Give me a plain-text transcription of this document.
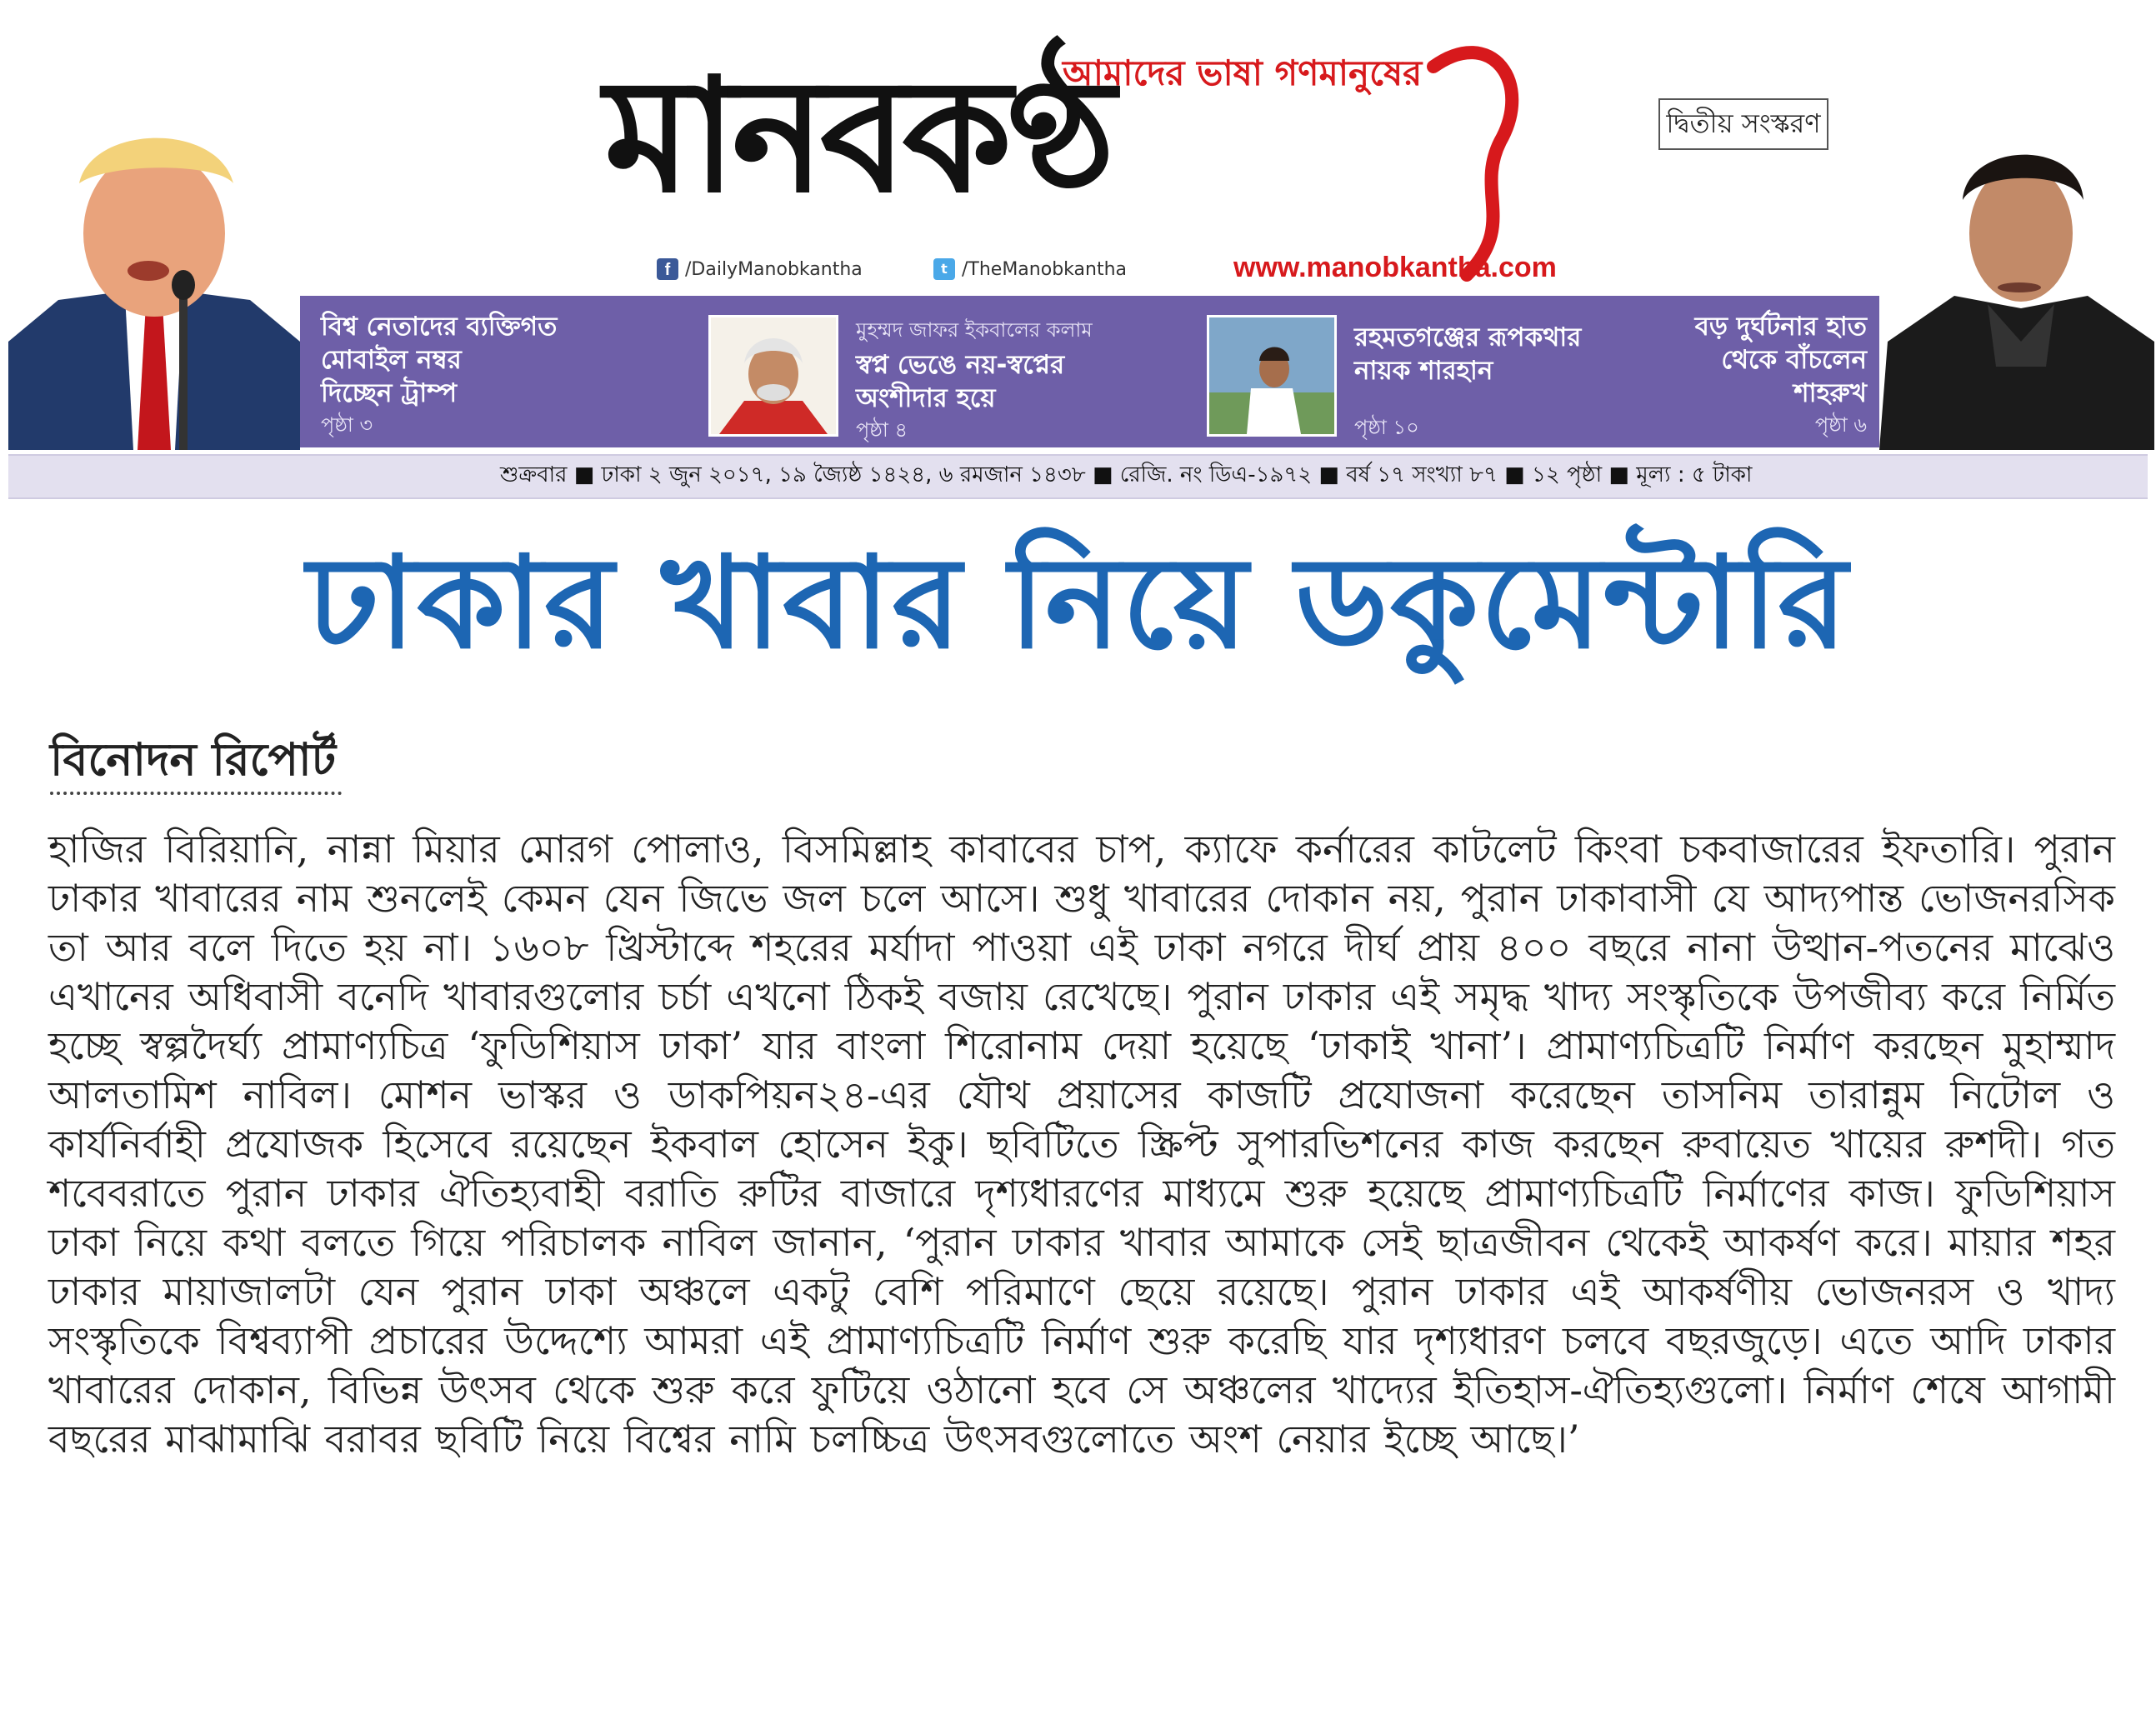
আমাদের ভাষা গণমানুষের
মানবকণ্ঠ
f /DailyManobkantha	t /TheManobkantha	www.manobkantha.com
দ্বিতীয় সংস্করণ
বিশ্ব নেতাদের ব্যক্তিগত
মোবাইল নম্বর
দিচ্ছেন ট্রাম্প
পৃষ্ঠা ৩
মুহম্মদ জাফর ইকবালের কলাম
স্বপ্ন ভেঙে নয়-স্বপ্নের
অংশীদার হয়ে
পৃষ্ঠা ৪
রহমতগঞ্জের রূপকথার
নায়ক শারহান
পৃষ্ঠা ১০
বড় দুর্ঘটনার হাত
থেকে বাঁচলেন
শাহরুখ
পৃষ্ঠা ৬
শুক্রবার ■ ঢাকা ২ জুন ২০১৭, ১৯ জ্যৈষ্ঠ ১৪২৪, ৬ রমজান ১৪৩৮ ■ রেজি. নং ডিএ-১৯৭২ ■ বর্ষ ১৭ সংখ্যা ৮৭ ■ ১২ পৃষ্ঠা ■ মূল্য : ৫ টাকা
ঢাকার খাবার নিয়ে ডকুমেন্টারি
বিনোদন রিপোর্ট
হাজির বিরিয়ানি, নান্না মিয়ার মোরগ পোলাও, বিসমিল্লাহ কাবাবের চাপ, ক্যাফে কর্নারের কাটলেট কিংবা চকবাজারের ইফতারি। পুরান ঢাকার খাবারের নাম শুনলেই কেমন যেন জিভে জল চলে আসে। শুধু খাবারের দোকান নয়, পুরান ঢাকাবাসী যে আদ্যপান্ত ভোজনরসিক তা আর বলে দিতে হয় না। ১৬০৮ খ্রিস্টাব্দে শহরের মর্যাদা পাওয়া এই ঢাকা নগরে দীর্ঘ প্রায় ৪০০ বছরে নানা উত্থান-পতনের মাঝেও এখানের অধিবাসী বনেদি খাবারগুলোর চর্চা এখনো ঠিকই বজায় রেখেছে। পুরান ঢাকার এই সমৃদ্ধ খাদ্য সংস্কৃতিকে উপজীব্য করে নির্মিত হচ্ছে স্বল্পদৈর্ঘ্য প্রামাণ্যচিত্র ‘ফুডিশিয়াস ঢাকা’ যার বাংলা শিরোনাম দেয়া হয়েছে ‘ঢাকাই খানা’। প্রামাণ্যচিত্রটি নির্মাণ করছেন মুহাম্মাদ আলতামিশ নাবিল। মোশন ভাস্কর ও ডাকপিয়ন২৪-এর যৌথ প্রয়াসের কাজটি প্রযোজনা করেছেন তাসনিম তারান্নুম নিটোল ও কার্যনির্বাহী প্রযোজক হিসেবে রয়েছেন ইকবাল হোসেন ইকু। ছবিটিতে স্ক্রিপ্ট সুপারভিশনের কাজ করছেন রুবায়েত খায়ের রুশদী। গত শবেবরাতে পুরান ঢাকার ঐতিহ্যবাহী বরাতি রুটির বাজারে দৃশ্যধারণের মাধ্যমে শুরু হয়েছে প্রামাণ্যচিত্রটি নির্মাণের কাজ। ফুডিশিয়াস ঢাকা নিয়ে কথা বলতে গিয়ে পরিচালক নাবিল জানান, ‘পুরান ঢাকার খাবার আমাকে সেই ছাত্রজীবন থেকেই আকর্ষণ করে। মায়ার শহর ঢাকার মায়াজালটা যেন পুরান ঢাকা অঞ্চলে একটু বেশি পরিমাণে ছেয়ে রয়েছে। পুরান ঢাকার এই আকর্ষণীয় ভোজনরস ও খাদ্য সংস্কৃতিকে বিশ্বব্যাপী প্রচারের উদ্দেশ্যে আমরা এই প্রামাণ্যচিত্রটি নির্মাণ শুরু করেছি যার দৃশ্যধারণ চলবে বছরজুড়ে। এতে আদি ঢাকার খাবারের দোকান, বিভিন্ন উৎসব থেকে শুরু করে ফুটিয়ে ওঠানো হবে সে অঞ্চলের খাদ্যের ইতিহাস-ঐতিহ্যগুলো। নির্মাণ শেষে আগামী বছরের মাঝামাঝি বরাবর ছবিটি নিয়ে বিশ্বের নামি চলচ্চিত্র উৎসবগুলোতে অংশ নেয়ার ইচ্ছে আছে।’
